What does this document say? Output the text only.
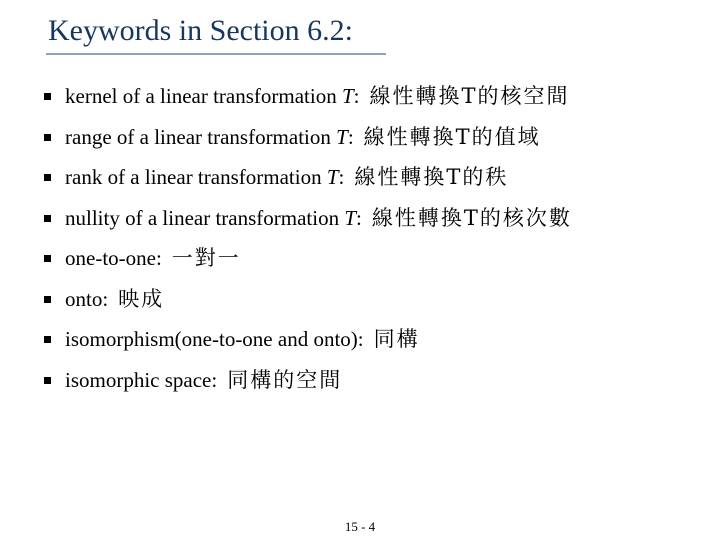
Keywords in Section 6.2:
kernel of a linear transformation T: 線性轉換T的核空間
range of a linear transformation T: 線性轉換T的值域
rank of a linear transformation T: 線性轉換T的秩
nullity of a linear transformation T: 線性轉換T的核次數
one-to-one: 一對一
onto: 映成
isomorphism(one-to-one and onto): 同構
isomorphic space: 同構的空間
15 - 4
